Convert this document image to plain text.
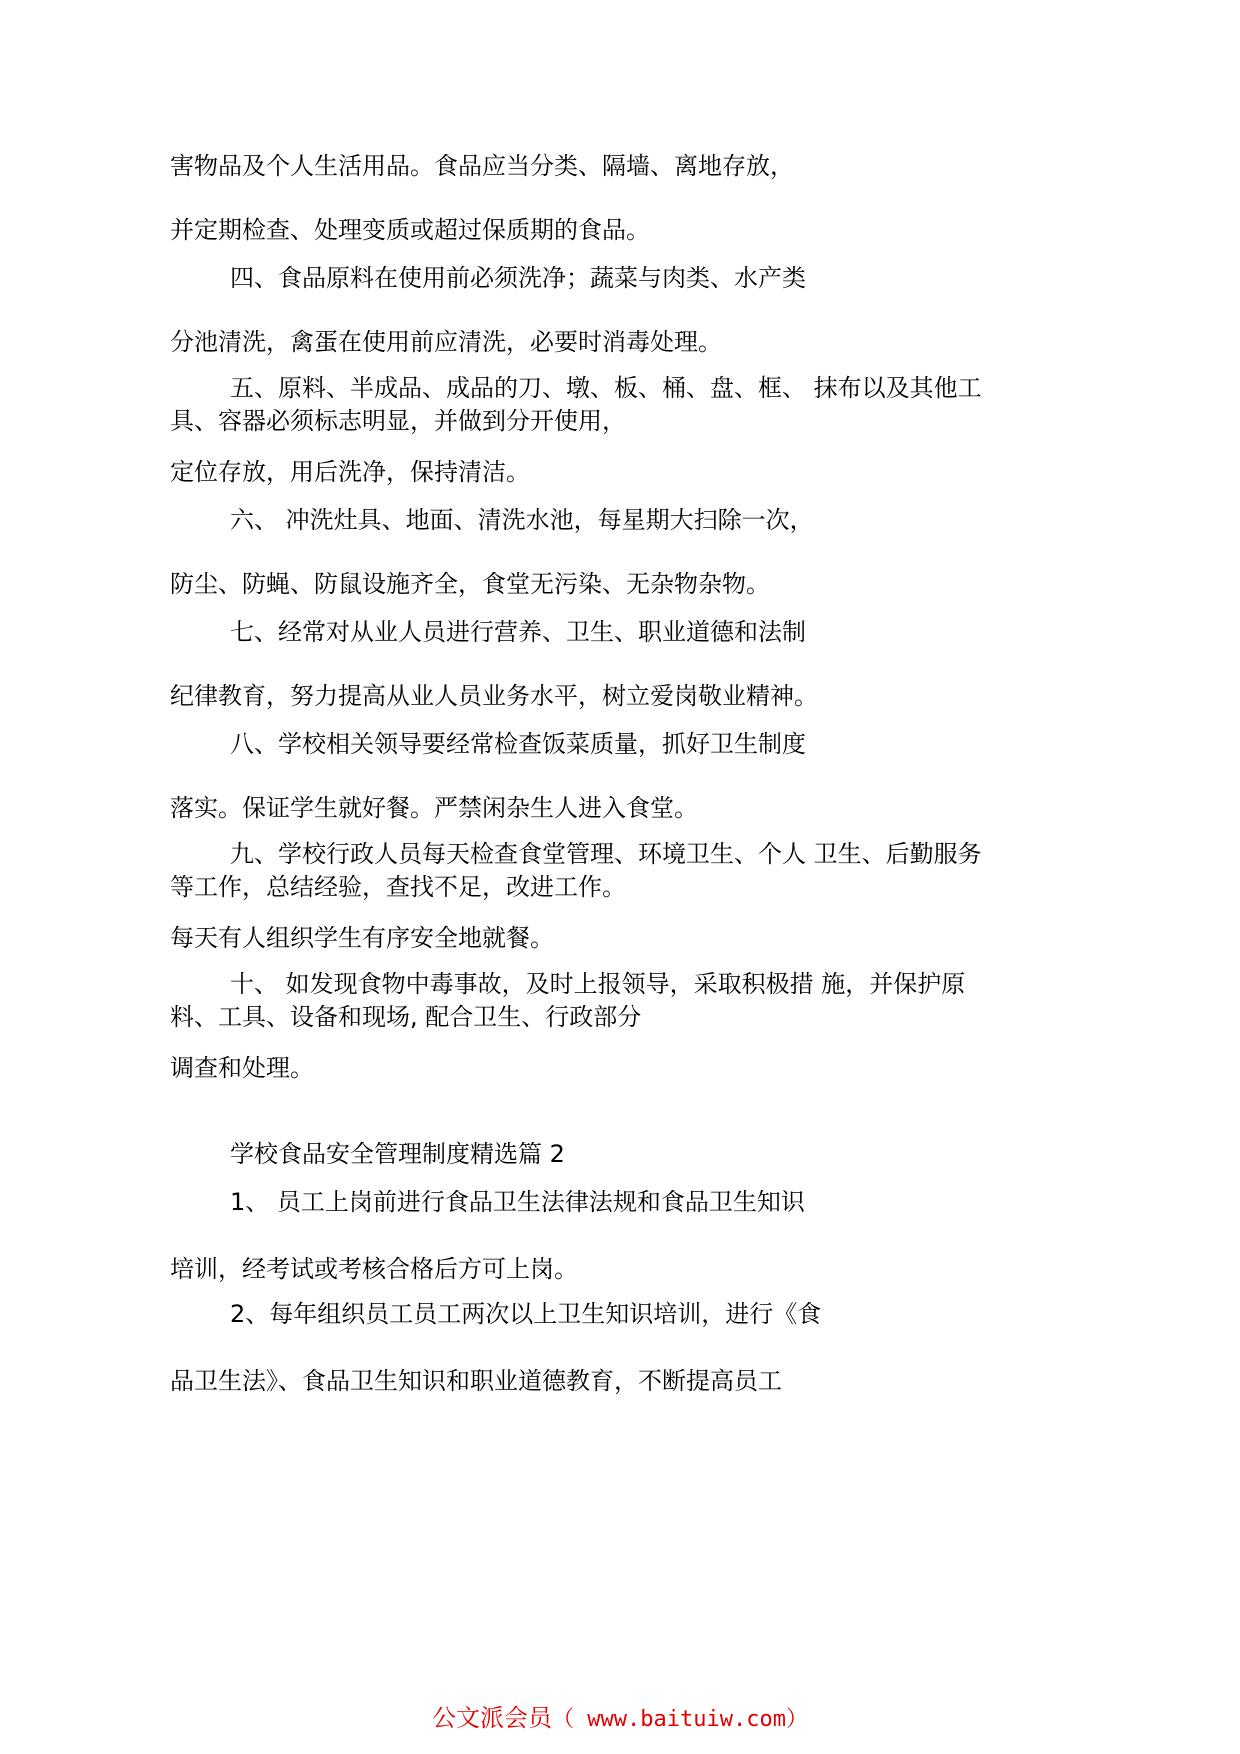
害物品及个人生活用品。食品应当分类、隔墙、离地存放，

并定期检查、处理变质或超过保质期的食品。

四、食品原料在使用前必须洗净；蔬菜与肉类、水产类

分池清洗，禽蛋在使用前应清洗，必要时消毒处理。

五、原料、半成品、成品的刀、墩、板、桶、盘、框、 抹布以及其他工

具、容器必须标志明显，并做到分开使用，

定位存放，用后洗净，保持清洁。

六、 冲洗灶具、地面、清洗水池，每星期大扫除一次，

防尘、防蝇、防鼠设施齐全，食堂无污染、无杂物杂物。

七、经常对从业人员进行营养、卫生、职业道德和法制

纪律教育，努力提高从业人员业务水平，树立爱岗敬业精神。

八、学校相关领导要经常检查饭菜质量，抓好卫生制度

落实。保证学生就好餐。严禁闲杂生人进入食堂。

九、学校行政人员每天检查食堂管理、环境卫生、个人 卫生、后勤服务

等工作，总结经验，查找不足，改进工作。

每天有人组织学生有序安全地就餐。

十、 如发现食物中毒事故，及时上报领导，采取积极措 施，并保护原

料、工具、设备和现场, 配合卫生、行政部分

调查和处理。

学校食品安全管理制度精选篇 2

1、 员工上岗前进行食品卫生法律法规和食品卫生知识

培训，经考试或考核合格后方可上岗。

2、每年组织员工员工两次以上卫生知识培训，进行《食

品卫生法》、食品卫生知识和职业道德教育，不断提高员工

公文派会员（ www.baituiw.com）
